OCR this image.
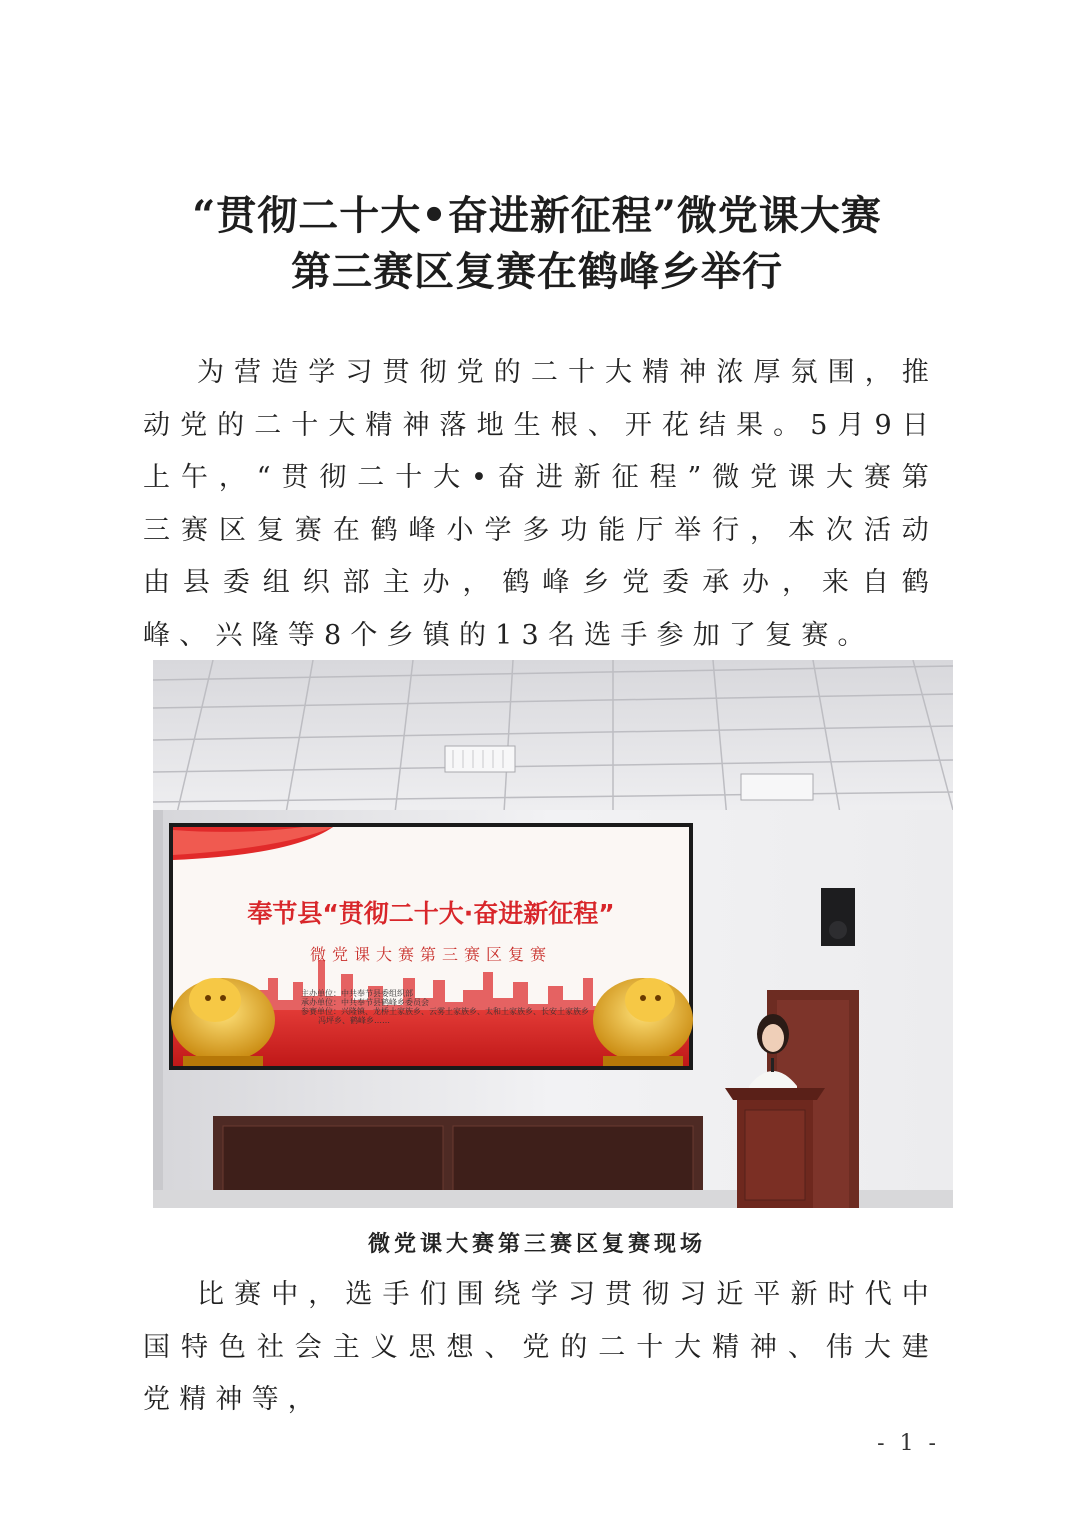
“贯彻二十大•奋进新征程”微党课大赛
第三赛区复赛在鹤峰乡举行

为营造学习贯彻党的二十大精神浓厚氛围，推动党的二十大精神落地生根、开花结果。5月9日上午，“贯彻二十大•奋进新征程”微党课大赛第三赛区复赛在鹤峰小学多功能厅举行，本次活动由县委组织部主办，鹤峰乡党委承办，来自鹤峰、兴隆等8个乡镇的13名选手参加了复赛。

奉节县“贯彻二十大·奋进新征程”
微党课大赛第三赛区复赛
主办单位：中共奉节县委组织部
承办单位：中共奉节县鹤峰乡委员会
参赛单位：兴隆镇、龙桥土家族乡、云雾土家族乡、太和土家族乡、长安土家族乡
冯坪乡、鹤峰乡……
微党课大赛第三赛区复赛现场

比赛中，选手们围绕学习贯彻习近平新时代中国特色社会主义思想、党的二十大精神、伟大建党精神等，

- 1 -
